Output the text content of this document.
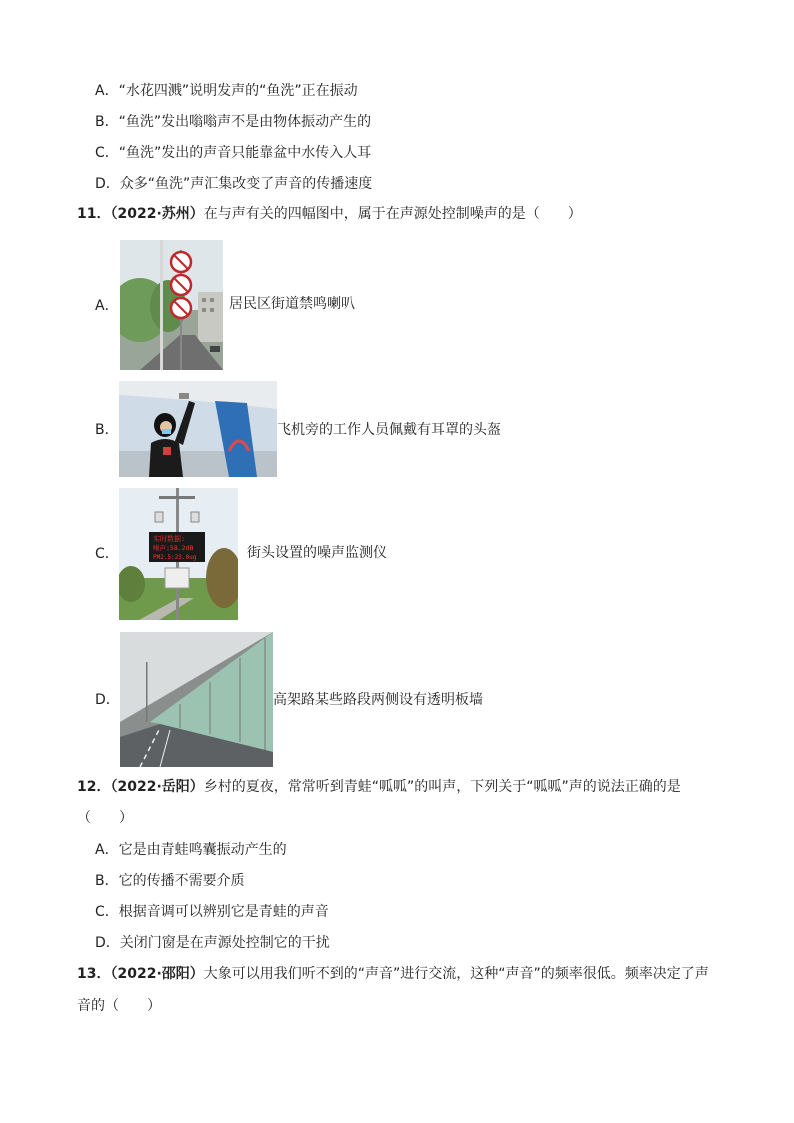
A．“水花四溅”说明发声的“鱼洗”正在振动
B．“鱼洗”发出嗡嗡声不是由物体振动产生的
C．“鱼洗”发出的声音只能靠盆中水传入人耳
D．众多“鱼洗”声汇集改变了声音的传播速度
11．（2022·苏州）在与声有关的四幅图中，属于在声源处控制噪声的是（　　）
A．	居民区街道禁鸣喇叭
B．	飞机旁的工作人员佩戴有耳罩的头盔
C．
实时数据:
噪声:58.2dB
PM2.5:23.0ug	街头设置的噪声监测仪
D．	高架路某些路段两侧设有透明板墙
12．（2022·岳阳）乡村的夏夜，常常听到青蛙“呱呱”的叫声，下列关于“呱呱”声的说法正确的是
（　　）
A．它是由青蛙鸣囊振动产生的
B．它的传播不需要介质
C．根据音调可以辨别它是青蛙的声音
D．关闭门窗是在声源处控制它的干扰
13．（2022·邵阳）大象可以用我们听不到的“声音”进行交流，这种“声音”的频率很低。频率决定了声
音的（　　）
